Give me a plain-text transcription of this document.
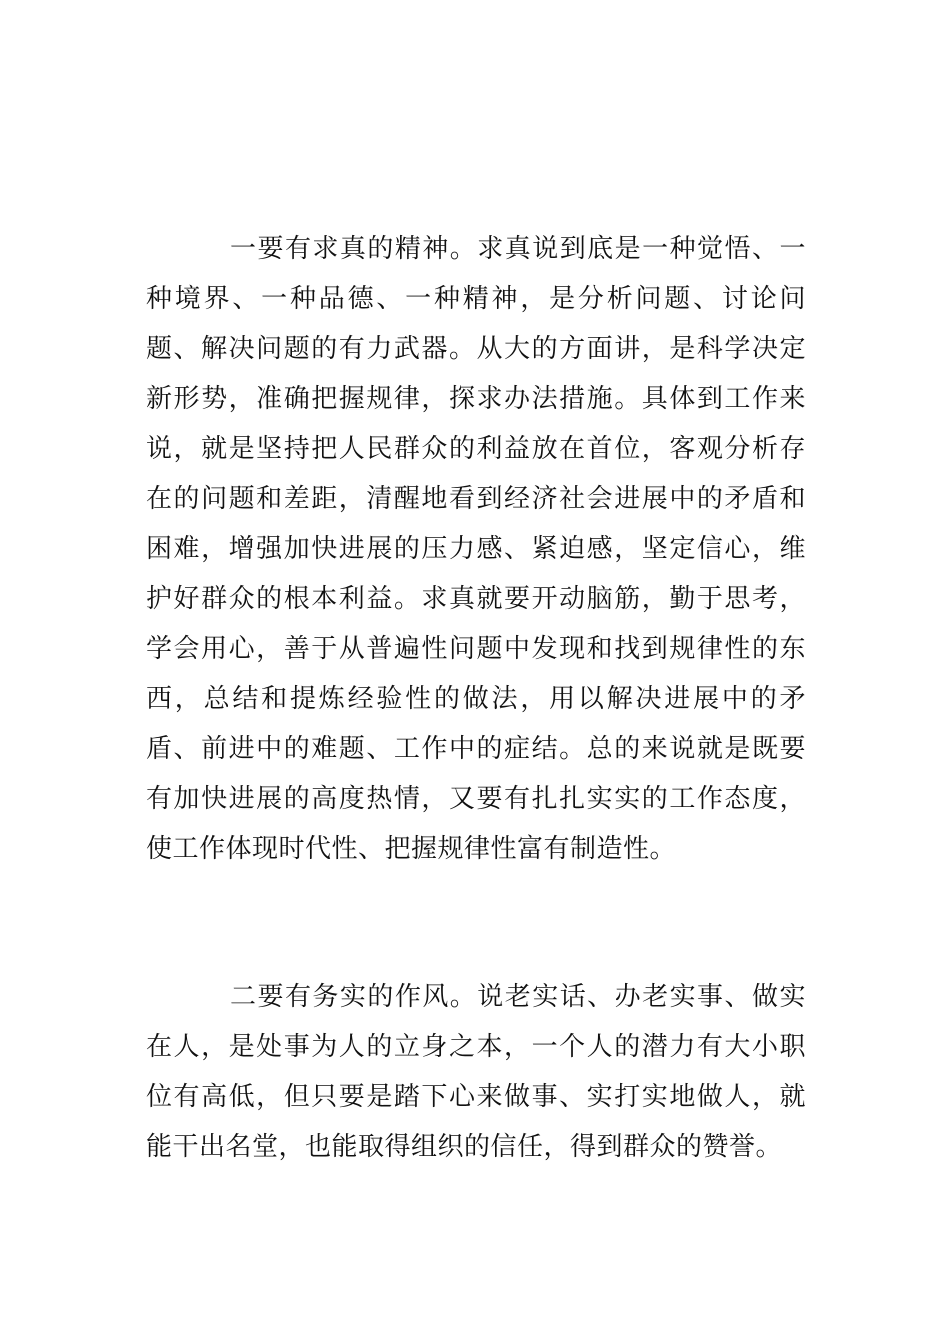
一要有求真的精神。求真说到底是一种觉悟、一种境界、一种品德、一种精神，是分析问题、讨论问题、解决问题的有力武器。从大的方面讲，是科学决定新形势，准确把握规律，探求办法措施。具体到工作来说，就是坚持把人民群众的利益放在首位，客观分析存在的问题和差距，清醒地看到经济社会进展中的矛盾和困难，增强加快进展的压力感、紧迫感，坚定信心，维护好群众的根本利益。求真就要开动脑筋，勤于思考，学会用心，善于从普遍性问题中发现和找到规律性的东西，总结和提炼经验性的做法，用以解决进展中的矛盾、前进中的难题、工作中的症结。总的来说就是既要有加快进展的高度热情，又要有扎扎实实的工作态度，使工作体现时代性、把握规律性富有制造性。

二要有务实的作风。说老实话、办老实事、做实在人，是处事为人的立身之本，一个人的潜力有大小职位有高低，但只要是踏下心来做事、实打实地做人，就能干出名堂，也能取得组织的信任，得到群众的赞誉。
